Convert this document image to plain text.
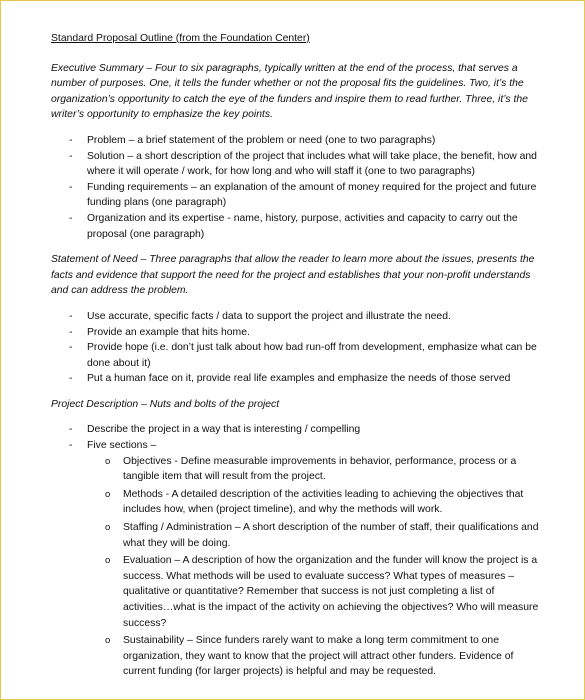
Standard Proposal Outline (from the Foundation Center)

Executive Summary – Four to six paragraphs, typically written at the end of the process, that serves a number of purposes. One, it tells the funder whether or not the proposal fits the guidelines. Two, it’s the organization’s opportunity to catch the eye of the funders and inspire them to read further. Three, it’s the writer’s opportunity to emphasize the key points.

- Problem – a brief statement of the problem or need (one to two paragraphs)
- Solution – a short description of the project that includes what will take place, the benefit, how and where it will operate / work, for how long and who will staff it (one to two paragraphs)
- Funding requirements – an explanation of the amount of money required for the project and future funding plans (one paragraph)
- Organization and its expertise - name, history, purpose, activities and capacity to carry out the proposal (one paragraph)

Statement of Need – Three paragraphs that allow the reader to learn more about the issues, presents the facts and evidence that support the need for the project and establishes that your non-profit understands and can address the problem.

- Use accurate, specific facts / data to support the project and illustrate the need.
- Provide an example that hits home.
- Provide hope (i.e. don’t just talk about how bad run-off from development, emphasize what can be done about it)
- Put a human face on it, provide real life examples and emphasize the needs of those served

Project Description – Nuts and bolts of the project

- Describe the project in a way that is interesting / compelling
- Five sections –
o Objectives - Define measurable improvements in behavior, performance, process or a tangible item that will result from the project.
o Methods - A detailed description of the activities leading to achieving the objectives that includes how, when (project timeline), and why the methods will work.
o Staffing / Administration – A short description of the number of staff, their qualifications and what they will be doing.
o Evaluation – A description of how the organization and the funder will know the project is a success. What methods will be used to evaluate success? What types of measures – qualitative or quantitative? Remember that success is not just completing a list of activities…what is the impact of the activity on achieving the objectives? Who will measure success?
o Sustainability – Since funders rarely want to make a long term commitment to one organization, they want to know that the project will attract other funders. Evidence of current funding (for larger projects) is helpful and may be requested.
